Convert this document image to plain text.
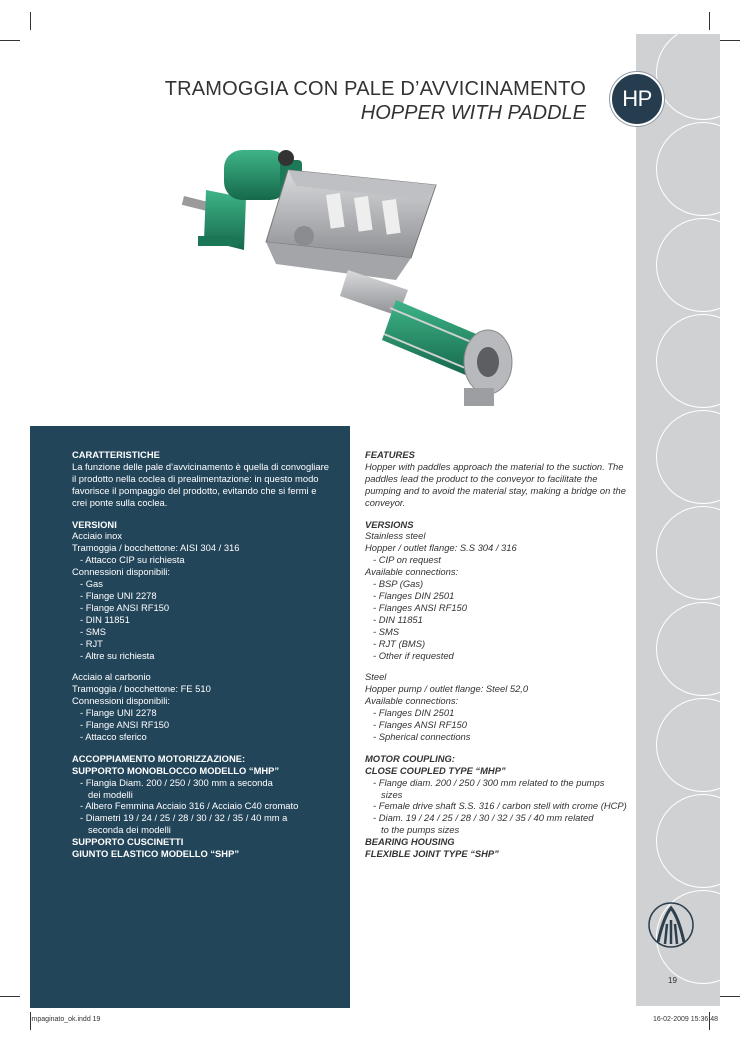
HP
TRAMOGGIA CON PALE D’AVVICINAMENTO
HOPPER WITH PADDLE
CARATTERISTICHE
La funzione delle pale d’avvicinamento è quella di convogliare il prodotto nella coclea di prealimentazione: in questo modo favorisce il pompaggio del prodotto, evitando che si fermi e crei ponte sulla coclea.
VERSIONI
Acciaio inox
Tramoggia / bocchettone: AISI 304 / 316
- Attacco CIP su richiesta
Connessioni disponibili:
- Gas
- Flange UNI 2278
- Flange ANSI RF150
- DIN 11851
- SMS
- RJT
- Altre su richiesta
Acciaio al carbonio
Tramoggia / bocchettone: FE 510
Connessioni disponibili:
- Flange UNI 2278
- Flange ANSI RF150
- Attacco sferico
ACCOPPIAMENTO MOTORIZZAZIONE:
SUPPORTO MONOBLOCCO MODELLO “MHP”
- Flangia Diam. 200 / 250 / 300 mm a seconda
dei modelli
- Albero Femmina Acciaio 316 / Acciaio C40 cromato
- Diametri 19 / 24 / 25 / 28 / 30 / 32 / 35 / 40 mm a
seconda dei modelli
SUPPORTO CUSCINETTI
GIUNTO ELASTICO MODELLO “SHP”
FEATURES
Hopper with paddles approach the material to the suction. The paddles lead the product to the conveyor to facilitate the pumping and to avoid the material stay, making a bridge on the conveyor.
VERSIONS
Stainless steel
Hopper / outlet flange: S.S 304 / 316
- CIP on request
Available connections:
- BSP (Gas)
- Flanges DIN 2501
- Flanges ANSI RF150
- DIN 11851
- SMS
- RJT (BMS)
- Other if requested
Steel
Hopper pump / outlet flange: Steel 52,0
Available connections:
- Flanges DIN 2501
- Flanges ANSI RF150
- Spherical connections
MOTOR COUPLING:
CLOSE COUPLED TYPE “MHP”
- Flange diam. 200 / 250 / 300 mm related to the pumps
sizes
- Female drive shaft S.S. 316 / carbon stell with crome (HCP)
- Diam. 19 / 24 / 25 / 28 / 30 / 32 / 35 / 40 mm related
to the pumps sizes
BEARING HOUSING
FLEXIBLE JOINT TYPE “SHP”
19
impaginato_ok.indd 19	16-02-2009 15:36:48
